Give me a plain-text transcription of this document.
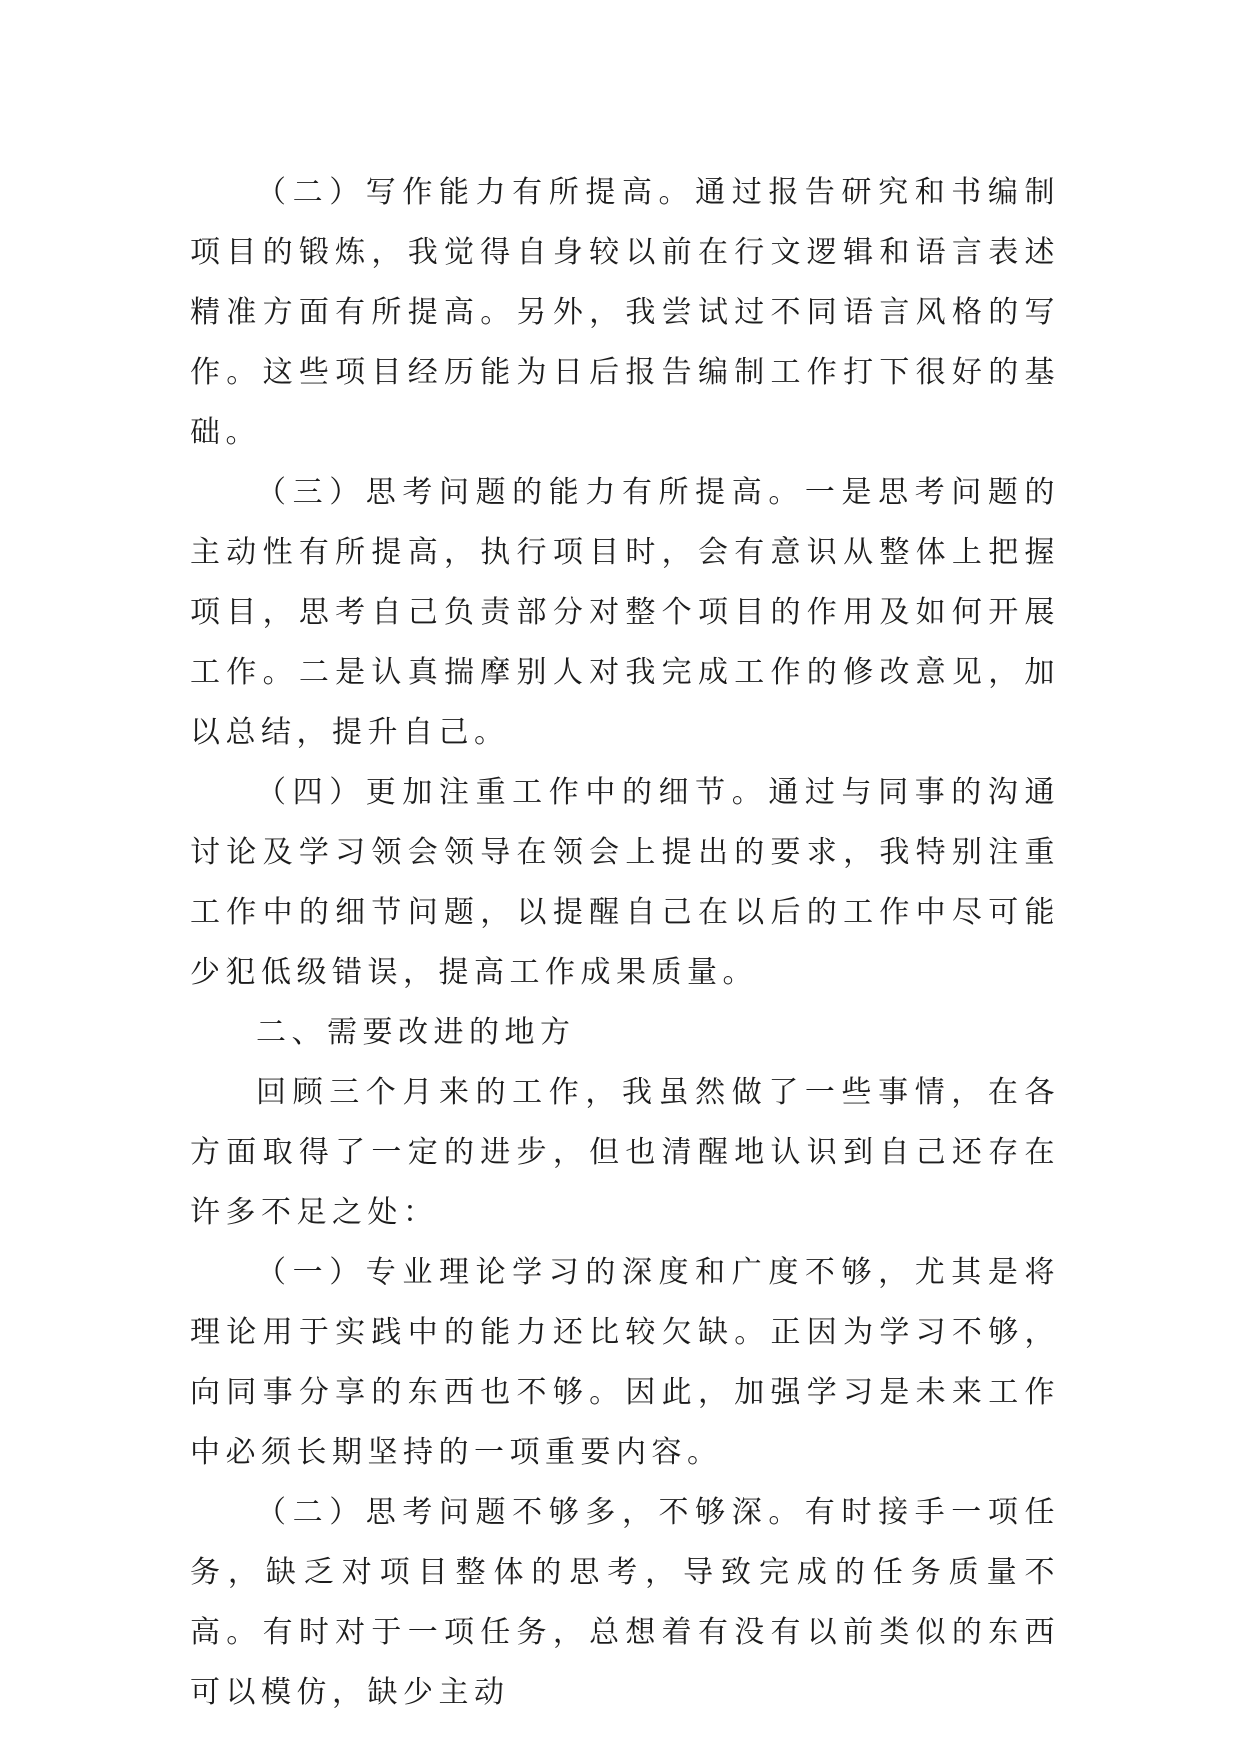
（二）写作能力有所提高。通过报告研究和书编制项目的锻炼，我觉得自身较以前在行文逻辑和语言表述精准方面有所提高。另外，我尝试过不同语言风格的写作。这些项目经历能为日后报告编制工作打下很好的基础。

（三）思考问题的能力有所提高。一是思考问题的主动性有所提高，执行项目时，会有意识从整体上把握项目，思考自己负责部分对整个项目的作用及如何开展工作。二是认真揣摩别人对我完成工作的修改意见，加以总结，提升自己。

（四）更加注重工作中的细节。通过与同事的沟通讨论及学习领会领导在领会上提出的要求，我特别注重工作中的细节问题，以提醒自己在以后的工作中尽可能少犯低级错误，提高工作成果质量。

二、需要改进的地方

回顾三个月来的工作，我虽然做了一些事情，在各方面取得了一定的进步，但也清醒地认识到自己还存在许多不足之处：

（一）专业理论学习的深度和广度不够，尤其是将理论用于实践中的能力还比较欠缺。正因为学习不够，向同事分享的东西也不够。因此，加强学习是未来工作中必须长期坚持的一项重要内容。

（二）思考问题不够多，不够深。有时接手一项任务，缺乏对项目整体的思考，导致完成的任务质量不高。有时对于一项任务，总想着有没有以前类似的东西可以模仿，缺少主动
